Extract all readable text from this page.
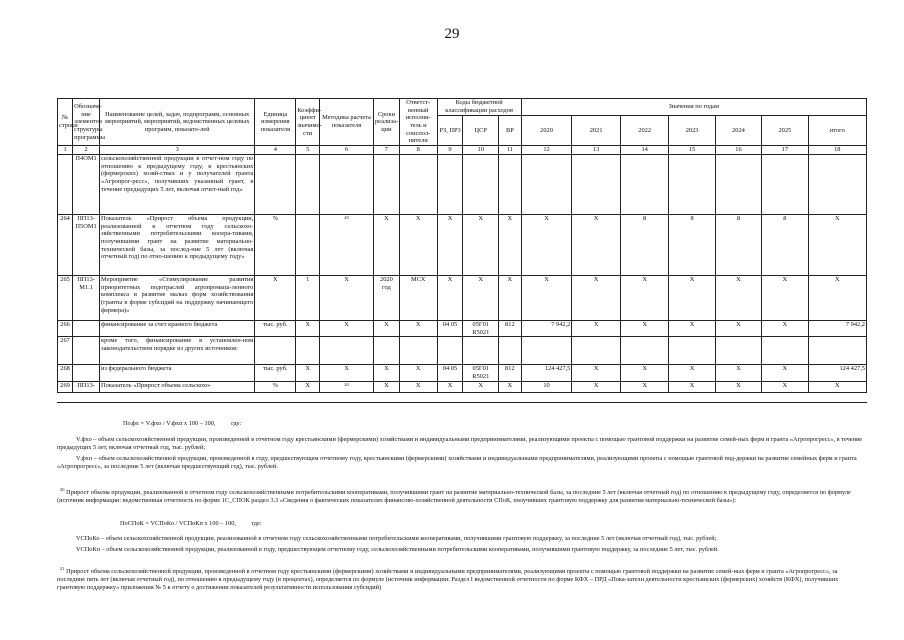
29
№ строки	Обозначе-ние элементов структуры программы	Наименование целей, задач, подпрограмм, основных мероприятий, мероприятий, ведомственных целевых программ, показате-лей	Единица измерения показателя	Коэффи-циент значимо-сти	Методика расчета показателя	Сроки реализа-ции	Ответст-венный исполни-тель и соиспол-нители	Коды бюджетной классификации расходов			Значения по годам						
								РЗ, ПР3	ЦСР	ВР	2020	2021	2022	2023	2024	2025	итого
1	2	3	4	5	6	7	8	9	10	11	12	13	14	15	16	17	18
	П4ОМ1	сельскохозяйственной продукции в отчет-ном году по отношению к предыдущему году, в крестьянских (фермерских) хозяй-ствах и у получателей гранта «Агропрог-ресс», получивших указанный грант, в течение предыдущих 5 лет, включая отчет-ный год»															
264	ПП13-П5ОМ1	Показатель «Прирост объема продукции, реализованной в отчетном году сельскохо-зяйственными потребительскими кооера-тивами, получившими грант на развитие материально-технической базы, за послед-ние 5 лет (включая отчетный год) по отно-шению к предыдущему году»	%		$^{20}$	Х	Х	Х	Х	Х	Х	Х	8	8	8	8	Х
265	ПП13-М1.1	Мероприятие «Стимулирование развития приоритетных подотраслей агропромыш-ленного комплекса и развитие малых форм хозяйствования (гранты в форме субсидий на поддержку начинающего фермера)»	Х	1	Х	2020 год	МСХ	Х	Х	Х	Х	Х	Х	Х	Х	Х	Х
266		финансирование за счет краевого бюджета	тыс. руб.	Х	Х	Х	Х	04 05	05Г01 R5021	812	7 942,2	Х	Х	Х	Х	Х	7 942,2
267		кроме того, финансирование в установлен-ном законодательством порядке из других источников:															
268		из федерального бюджета	тыс. руб.	Х	Х	Х	Х	04 05	05Г01 R5021	812	124 427,5	Х	Х	Х	Х	Х	124 427,5
269	ПП13-	Показатель «Прирост объема сельскохо-	%	Х	$^{20}$	Х	Х	Х	Х	Х	10	Х	Х	Х	Х	Х	Х
Поᵢфх = Vᵢфхо / Vᵢфхп х 100 – 100, где:
Vᵢфхо – объем сельскохозяйственной продукции, произведенной в отчетном году крестьянскими (фермерскими) хозяйствами и индивидуальными предпринимателями, реализующими проекты с помощью грантовой поддержки на развитие семей-ных ферм и гранта «Агропрогресс», в течение предыдущих 5 лет, включая отчетный год, тыс. рублей;
Vᵢфхп – объем сельскохозяйственной продукции, произведенной в году, предшествующем отчетному году, крестьянскими (фермерскими) хозяйствами и индивидуальными предпринимателями, реализующими проекты с помощью грантовой под-держки на развитие семейных ферм и гранта «Агропрогресс», за последние 5 лет (включая предшествующий год), тыс. рублей.
$^{20}$ Прирост объема продукции, реализованной в отчетном году сельскохозяйственными потребительскими кооперативами, получившими грант на развитие материально-технической базы, за последние 5 лет (включая отчетный год) по отношению к предыдущему году, определяется по формуле (источник информации: ведомственная отчетность по форме 1С_СПОК раздел 3.3 «Сведения о фактических показателях финансово-хозяйственной деятельности СПоК, получивших грантовую поддержку для развития материально-технической базы»):
ПоСПоК = VСПоКо / VСПоКп х 100 – 100, где:
VСПоКо – объем сельскохозяйственной продукции, реализованной в отчетном году сельскохозяйственными потребительскими кооперативами, получившими грантовую поддержку, за последние 5 лет (включая отчетный год), тыс. рублей;
VСПоКп – объем сельскохозяйственной продукции, реализованной в году, предшествующем отчетному году, сельскохозяйственными потребительскими кооперативами, получившими грантовую поддержку, за последние 5 лет, тыс. рублей.
$^{21}$ Прирост объема сельскохозяйственной продукции, произведенной в отчетном году крестьянскими (фермерскими) хозяйствами и индивидуальными предпринимателями, реализующими проекты с помощью грантовой поддержки на развитие семей-ных ферм и гранта «Агропрогресс», за последние пять лет (включая отчетный год), по отношению к предыдущему году (в процентах), определяется по формуле (источник информации: Раздел I ведомственной отчетности по форме КФХ – ПРД «Пока-затели деятельности крестьянских (фермерских) хозяйств (КФХ), получивших грантовую поддержку» приложения № 5 к отчету о достижении показателей результативности использования субсидий)
